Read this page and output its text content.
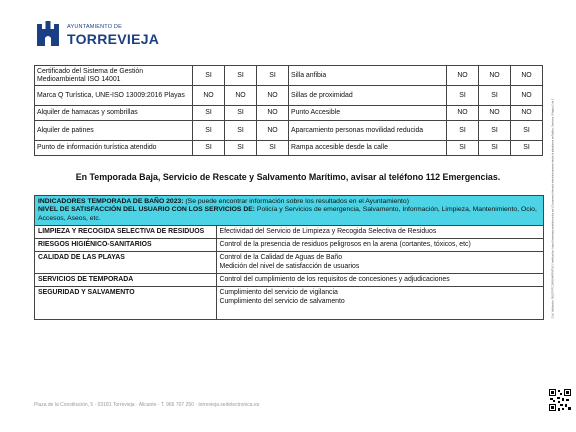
AYUNTAMIENTO DE
TORREVIEJA
Certificado del Sistema de Gestión Medioambiental ISO 14001	SI	SI	SI	Silla anfibia	NO	NO	NO
Marca Q Turística, UNE-ISO 13009:2016 Playas	NO	NO	NO	Sillas de proximidad	SI	SI	NO
Alquiler de hamacas y sombrillas	SI	SI	NO	Punto Accesible	NO	NO	NO
Alquiler de patines	SI	SI	NO	Aparcamiento personas movilidad reducida	SI	SI	SI
Punto de información turística atendido	SI	SI	SI	Rampa accesible desde la calle	SI	SI	SI
En Temporada Baja, Servicio de Rescate y Salvamento Marítimo, avisar al teléfono 112 Emergencias.
INDICADORES TEMPORADA DE BAÑO 2023: (Se puede encontrar información sobre los resultados en el Ayuntamiento)
NIVEL DE SATISFACCIÓN DEL USUARIO CON LOS SERVICIOS DE: Policía y Servicios de emergencia, Salvamento, Información, Limpieza, Mantenimiento, Ocio, Accesos, Aseos, etc.
LIMPIEZA Y RECOGIDA SELECTIVA DE RESIDUOS	Efectividad del Servicio de Limpieza y Recogida Selectiva de Residuos

RIESGOS HIGIÉNICO-SANITARIOS	Control de la presencia de residuos peligrosos en la arena (cortantes, tóxicos, etc)

CALIDAD DE LAS PLAYAS	Control de la Calidad de Aguas de Baño
Medición del nivel de satisfacción de usuarios

SERVICIOS DE TEMPORADA	Control del cumplimiento de los requisitos de concesiones y adjudicaciones

SEGURIDAD Y SALVAMENTO	Cumplimiento del servicio de vigilancia
Cumplimiento del servicio de salvamento
Plaza de la Constitución, 5 · 03181 Torrevieja · Alicante · T. 966 707 250 · torrevieja.sedelectronica.es
Cód. Validación: 3KQ7P9TCJXHDA4RFM7N2 | Verificación: https://torrevieja.sedelectronica.es/ | Documento firmado electrónicamente desde la plataforma esPublico Gestiona | Página 2 de 2
